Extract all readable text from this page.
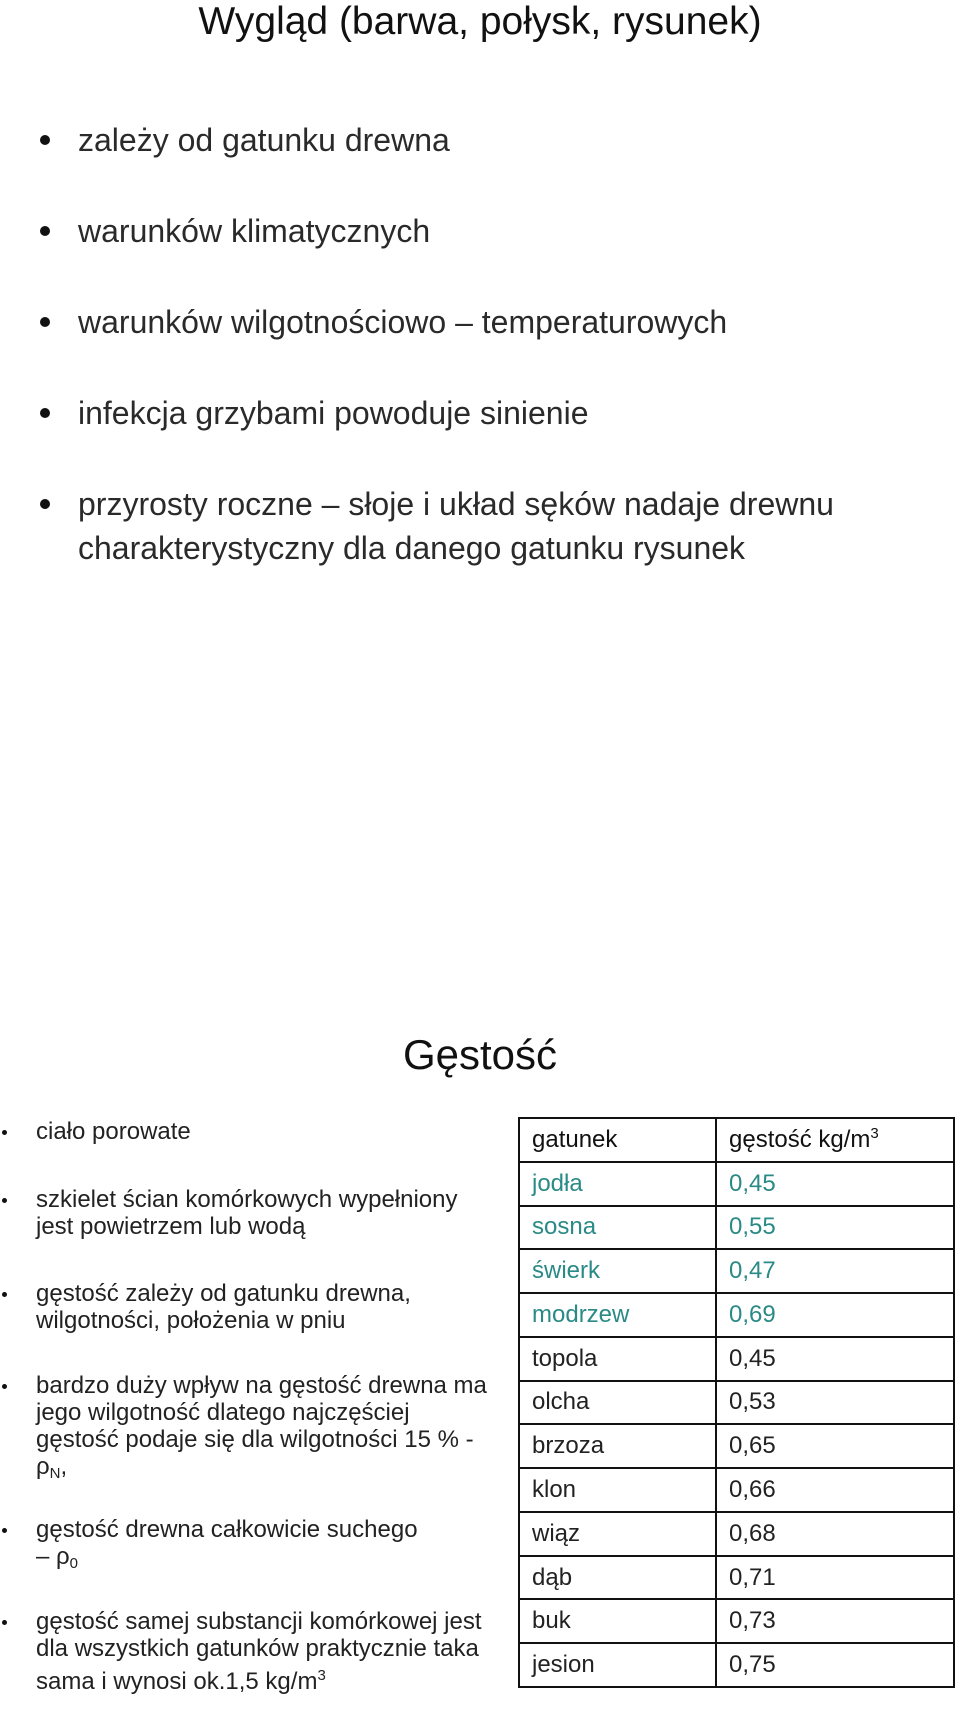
Wygląd (barwa, połysk, rysunek)
zależy od gatunku drewna
warunków klimatycznych
warunków wilgotnościowo – temperaturowych
infekcja grzybami powoduje sinienie
przyrosty roczne – słoje i układ sęków nadaje drewnu charakterystyczny dla danego gatunku rysunek
Gęstość
ciało porowate
szkielet ścian komórkowych wypełniony jest powietrzem lub wodą
gęstość zależy od gatunku drewna, wilgotności, położenia w pniu
bardzo duży wpływ na gęstość drewna ma jego wilgotność dlatego najczęściej gęstość podaje się dla wilgotności 15 % - $\rho_N$,
gęstość drewna całkowicie suchego – $\rho_0$
gęstość samej substancji komórkowej jest dla wszystkich gatunków praktycznie taka sama i wynosi ok.1,5 $kg/m^3$
gatunek	gęstość $kg/m^3$
jodła	0,45
sosna	0,55
świerk	0,47
modrzew	0,69
topola	0,45
olcha	0,53
brzoza	0,65
klon	0,66
wiąz	0,68
dąb	0,71
buk	0,73
jesion	0,75
